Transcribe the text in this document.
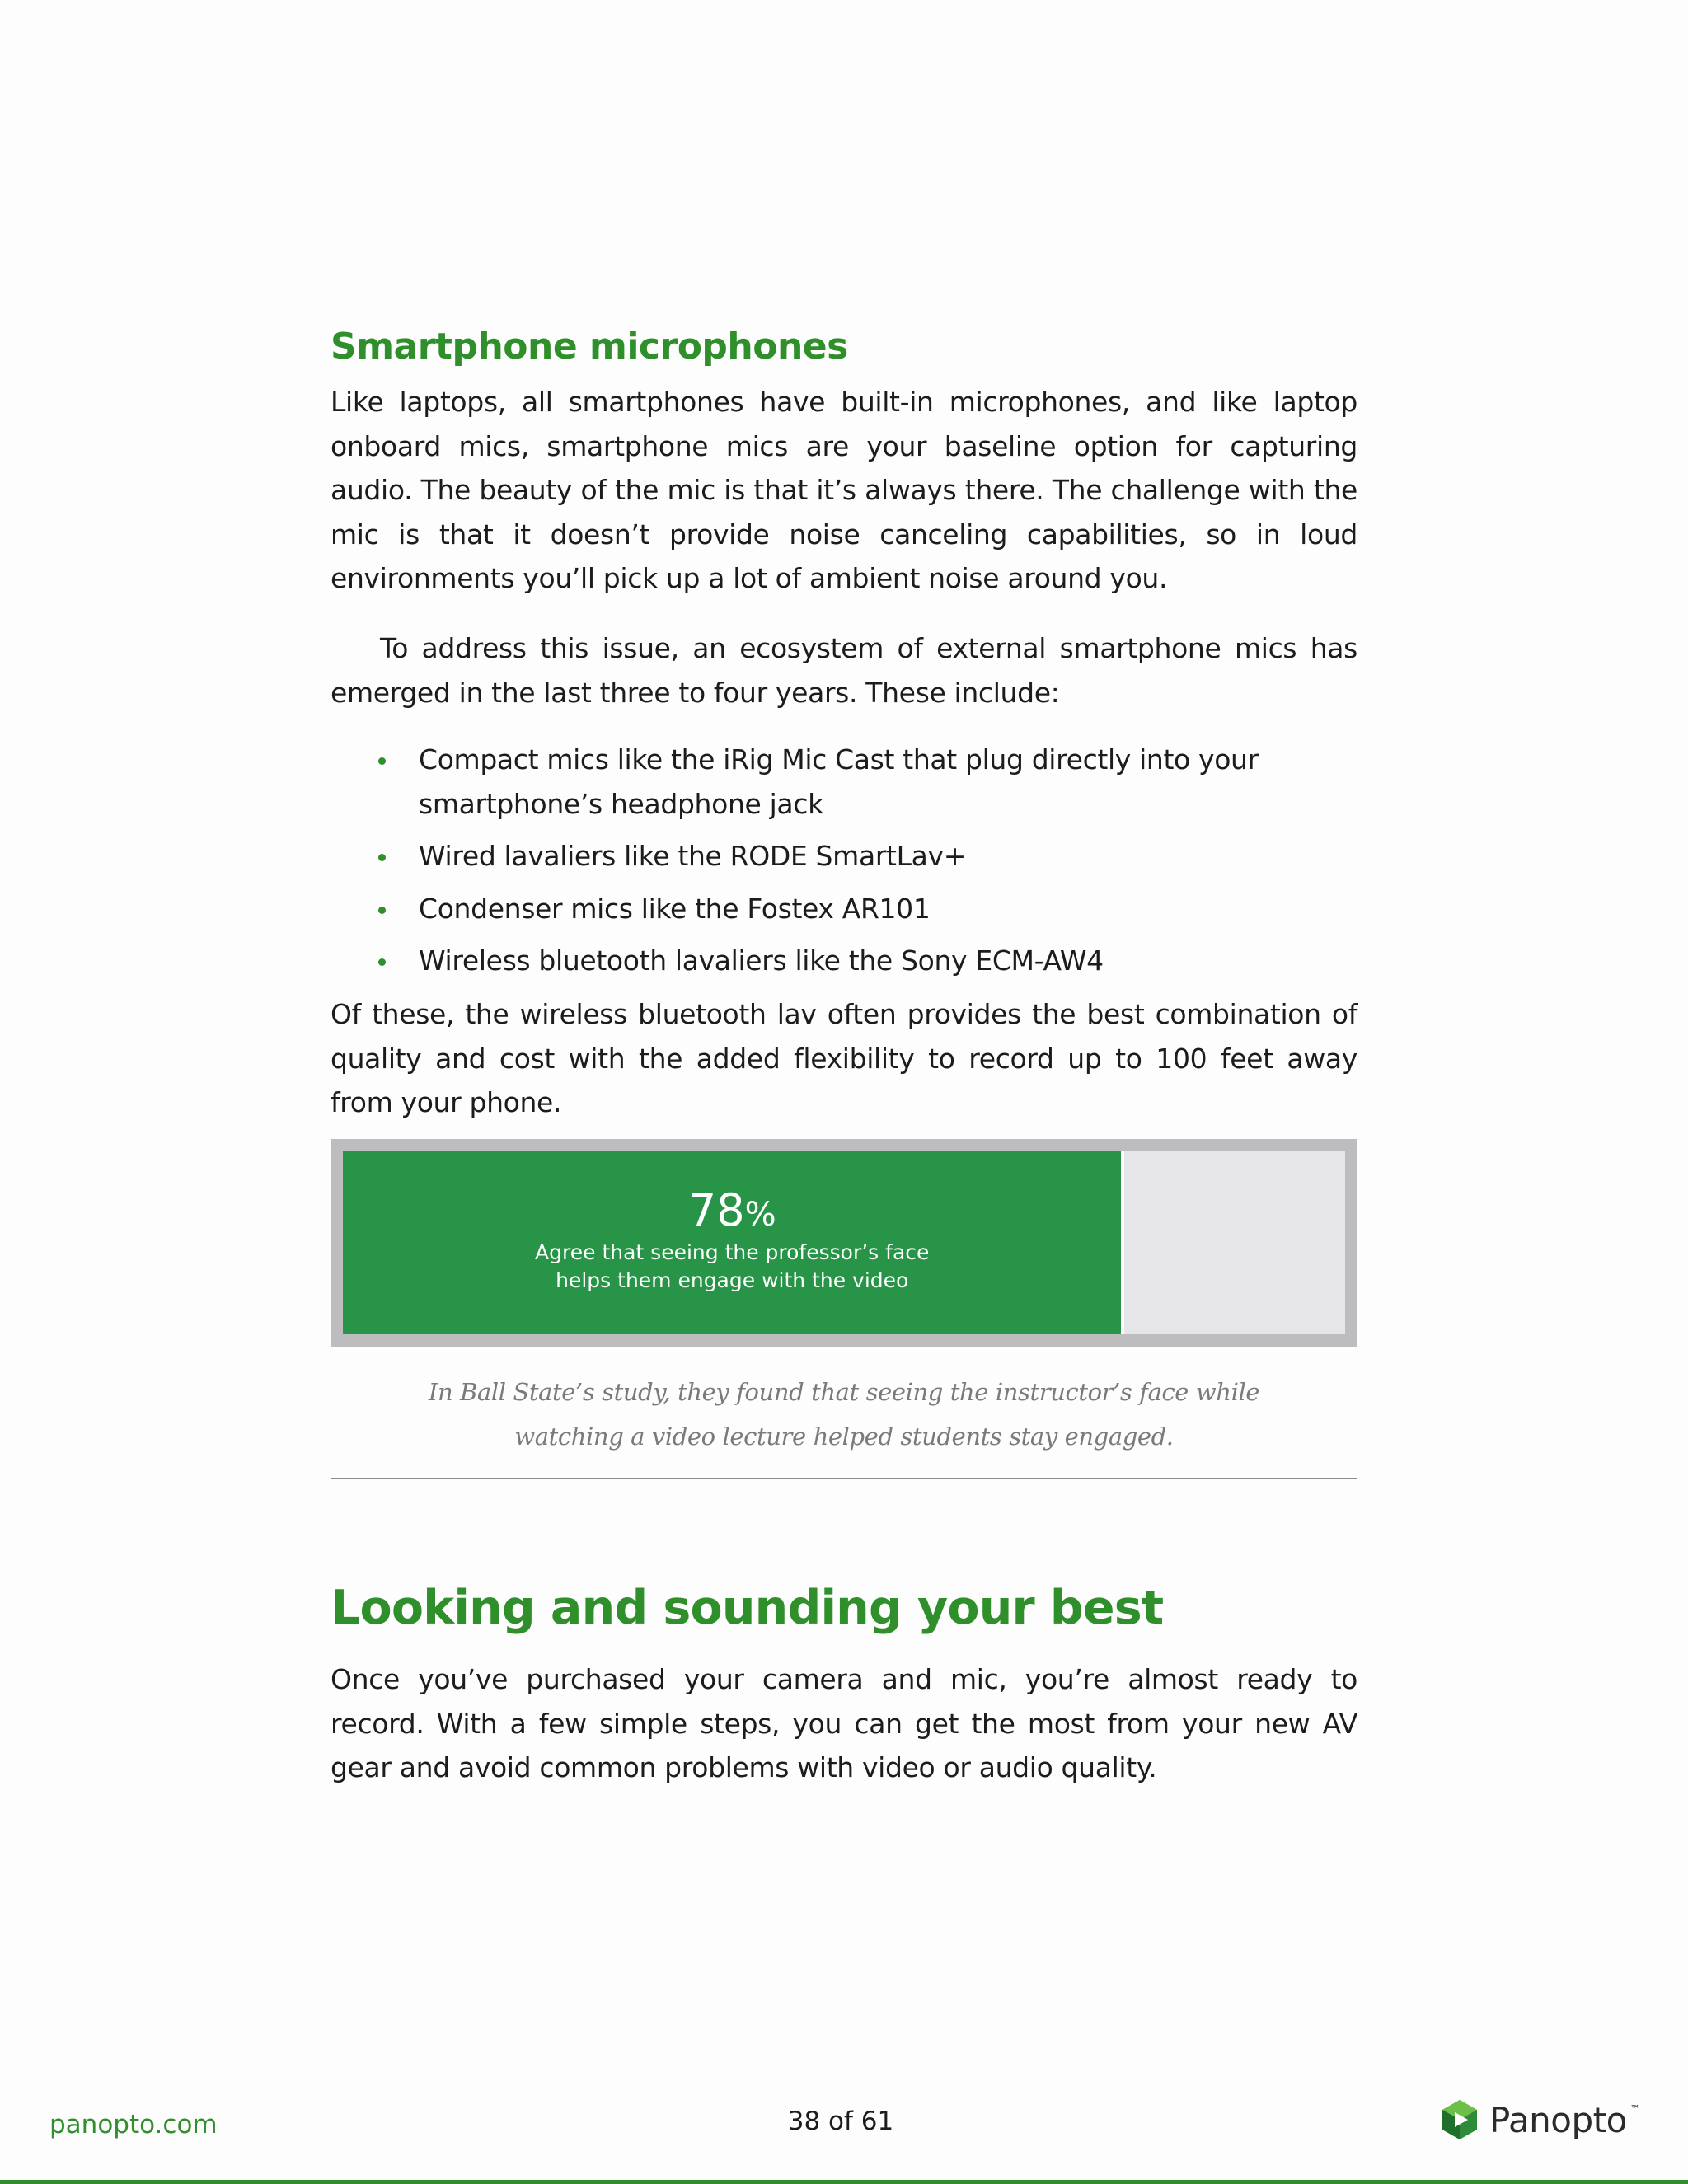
Smartphone microphones

Like laptops, all smartphones have built-in microphones, and like laptop onboard mics, smartphone mics are your baseline option for capturing audio. The beauty of the mic is that it’s always there. The challenge with the mic is that it doesn’t provide noise canceling capabilities, so in loud environments you’ll pick up a lot of ambient noise around you.

To address this issue, an ecosystem of external smartphone mics has emerged in the last three to four years. These include:

Compact mics like the iRig Mic Cast that plug directly into your smartphone’s headphone jack
Wired lavaliers like the RODE SmartLav+
Condenser mics like the Fostex AR101
Wireless bluetooth lavaliers like the Sony ECM-AW4

Of these, the wireless bluetooth lav often provides the best combination of quality and cost with the added flexibility to record up to 100 feet away from your phone.

78%
Agree that seeing the professor’s face helps them engage with the video

In Ball State’s study, they found that seeing the instructor’s face while watching a video lecture helped students stay engaged.

Looking and sounding your best

Once you’ve purchased your camera and mic, you’re almost ready to record. With a few simple steps, you can get the most from your new AV gear and avoid common problems with video or audio quality.

panopto.com	38 of 61	Panopto ™
